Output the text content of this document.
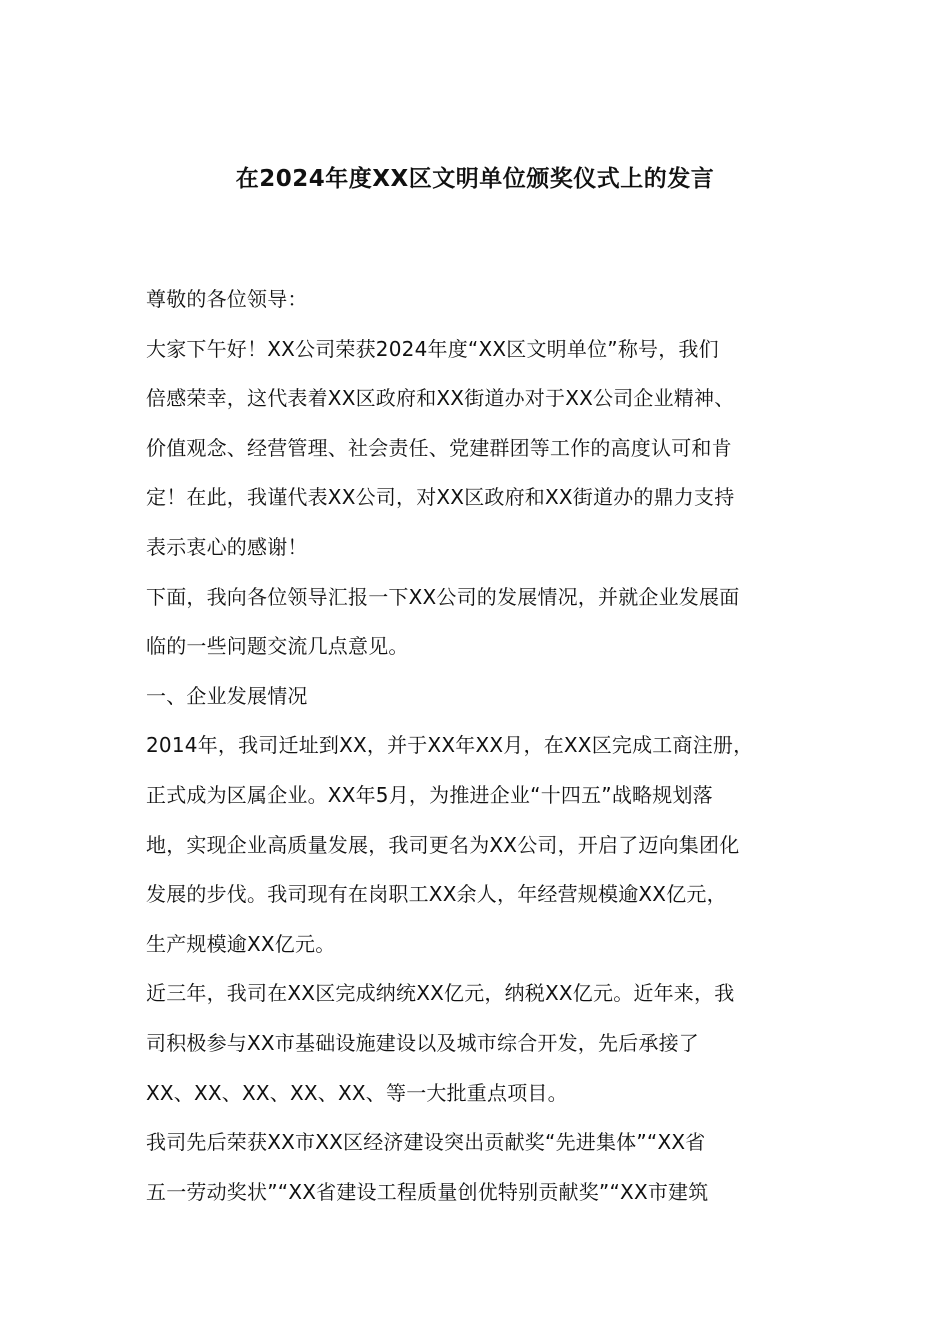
在2024年度XX区文明单位颁奖仪式上的发言
尊敬的各位领导：
大家下午好！XX公司荣获2024年度“XX区文明单位”称号，我们
倍感荣幸，这代表着XX区政府和XX街道办对于XX公司企业精神、
价值观念、经营管理、社会责任、党建群团等工作的高度认可和肯
定！在此，我谨代表XX公司，对XX区政府和XX街道办的鼎力支持
表示衷心的感谢！
下面，我向各位领导汇报一下XX公司的发展情况，并就企业发展面
临的一些问题交流几点意见。
一、企业发展情况
2014年，我司迁址到XX，并于XX年XX月，在XX区完成工商注册，
正式成为区属企业。XX年5月，为推进企业“十四五”战略规划落
地，实现企业高质量发展，我司更名为XX公司，开启了迈向集团化
发展的步伐。我司现有在岗职工XX余人，年经营规模逾XX亿元，
生产规模逾XX亿元。
近三年，我司在XX区完成纳统XX亿元，纳税XX亿元。近年来，我
司积极参与XX市基础设施建设以及城市综合开发，先后承接了
XX、XX、XX、XX、XX、等一大批重点项目。
我司先后荣获XX市XX区经济建设突出贡献奖“先进集体”“XX省
五一劳动奖状”“XX省建设工程质量创优特别贡献奖”“XX市建筑
